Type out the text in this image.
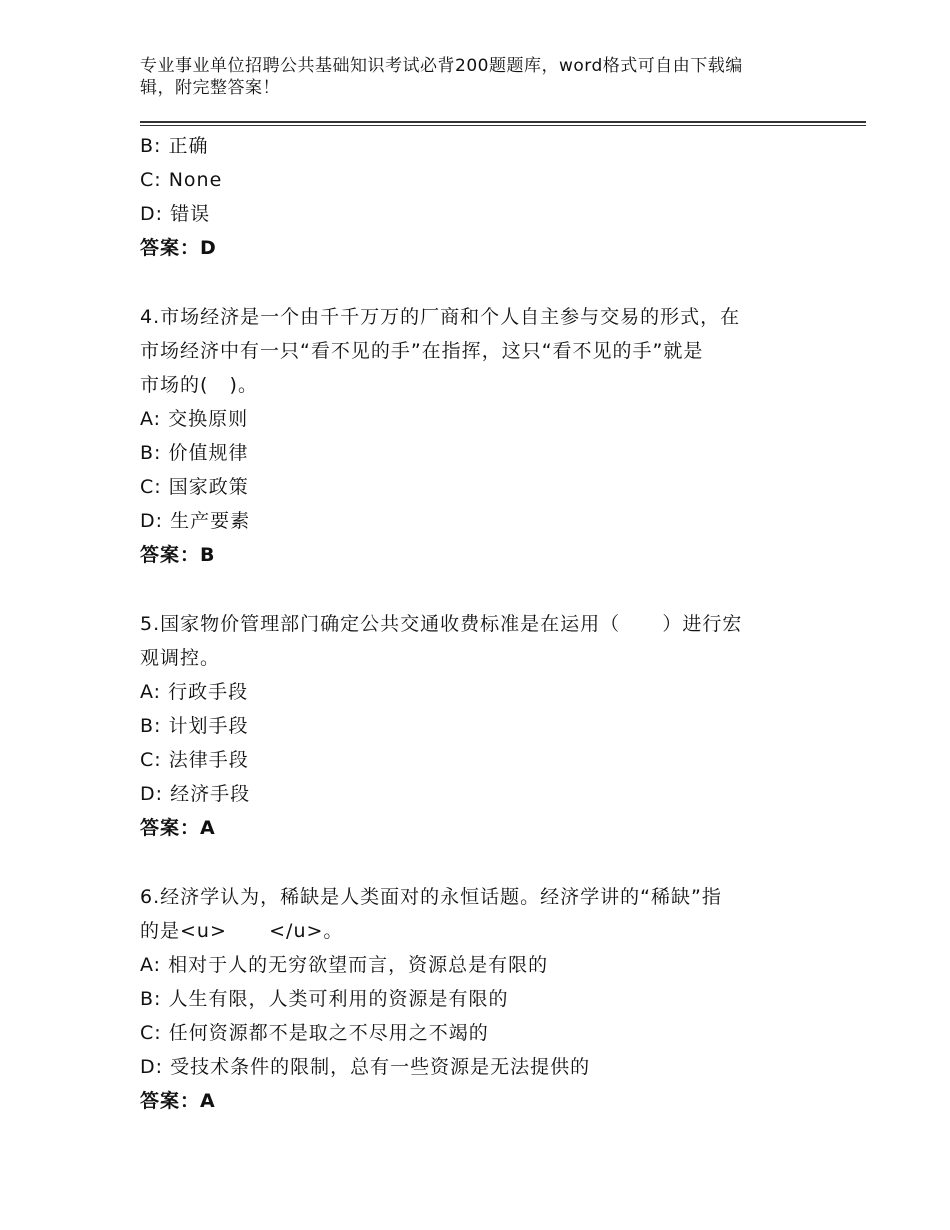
专业事业单位招聘公共基础知识考试必背200题题库，word格式可自由下载编
辑，附完整答案！
B: 正确
C: None
D: 错误
答案：D
4.市场经济是一个由千千万万的厂商和个人自主参与交易的形式，在
市场经济中有一只“看不见的手”在指挥，这只“看不见的手”就是
市场的(   )。
A: 交换原则
B: 价值规律
C: 国家政策
D: 生产要素
答案：B
5.国家物价管理部门确定公共交通收费标准是在运用（      ）进行宏
观调控。
A: 行政手段
B: 计划手段
C: 法律手段
D: 经济手段
答案：A
6.经济学认为，稀缺是人类面对的永恒话题。经济学讲的“稀缺”指
的是<u>      </u>。
A: 相对于人的无穷欲望而言，资源总是有限的
B: 人生有限，人类可利用的资源是有限的
C: 任何资源都不是取之不尽用之不竭的
D: 受技术条件的限制，总有一些资源是无法提供的
答案：A
